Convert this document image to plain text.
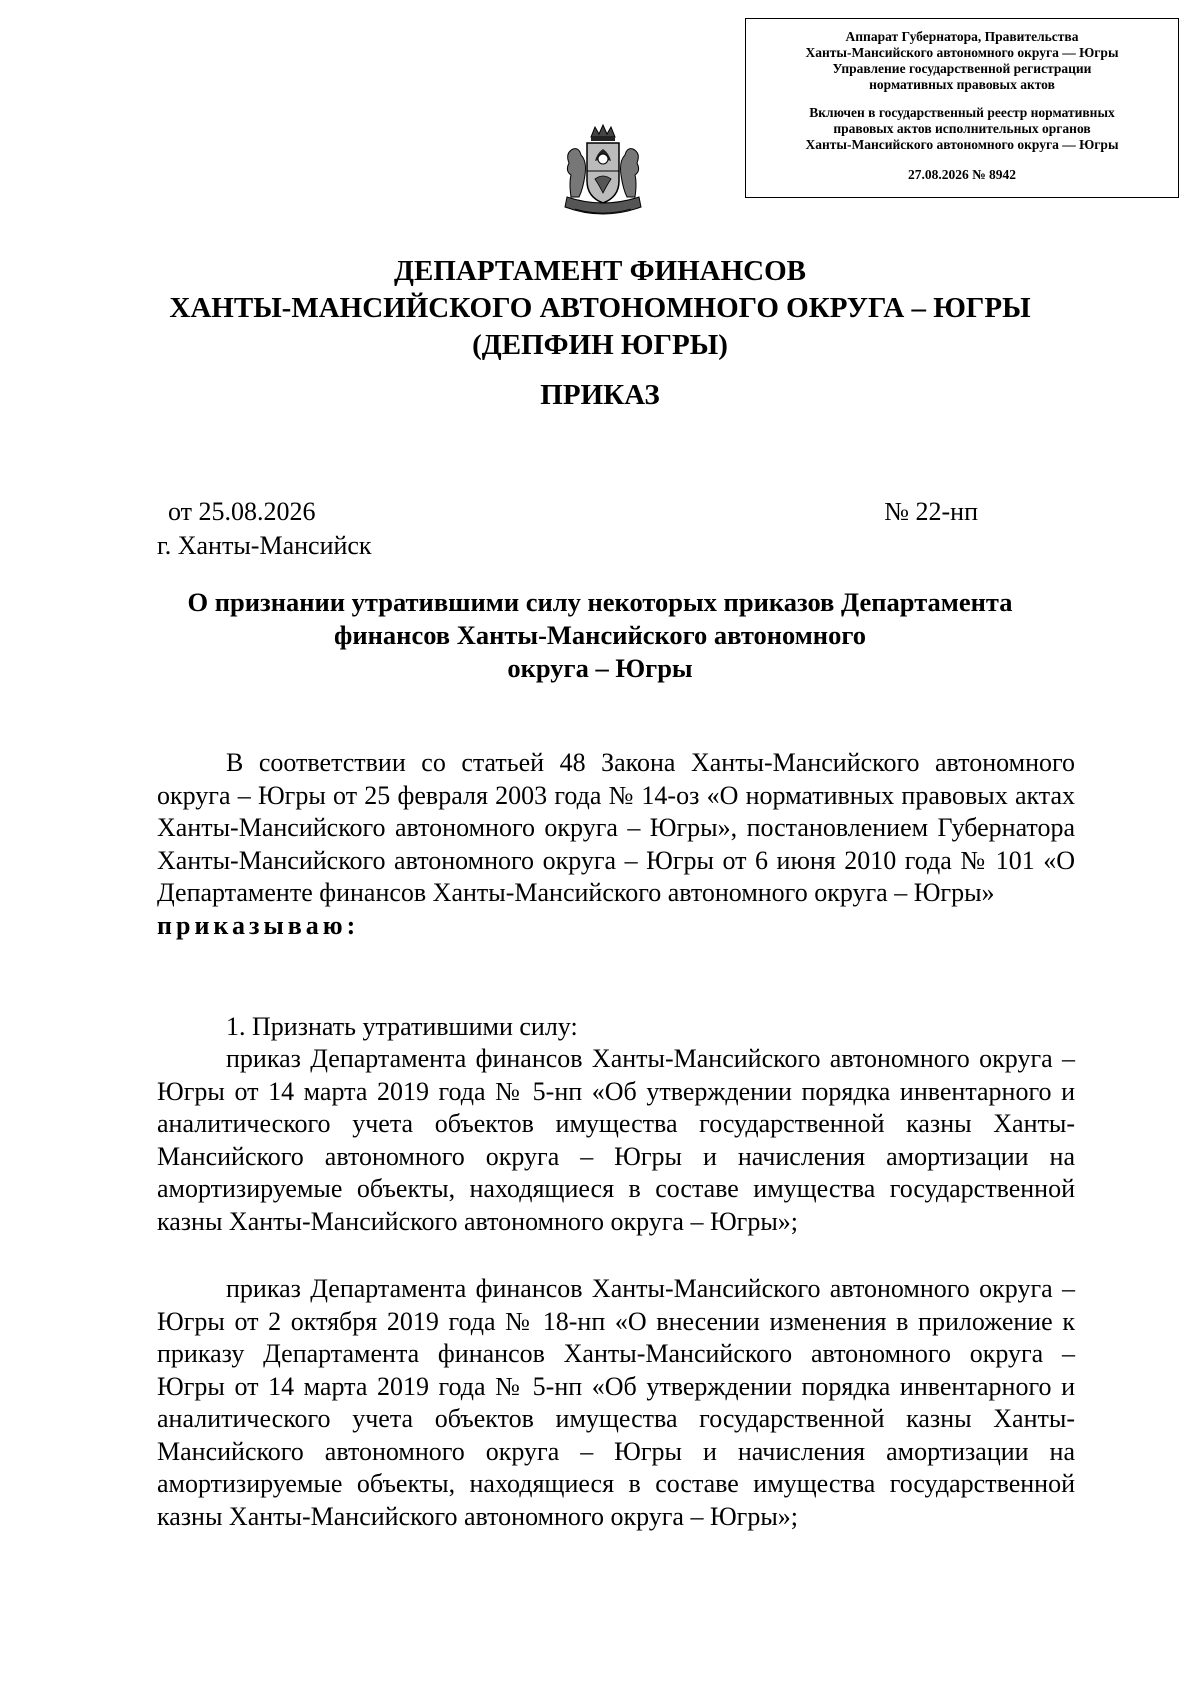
Аппарат Губернатора, Правительства
Ханты-Мансийского автономного округа — Югры
Управление государственной регистрации
нормативных правовых актов
Включен в государственный реестр нормативных
правовых актов исполнительных органов
Ханты-Мансийского автономного округа — Югры
27.08.2026 № 8942
ДЕПАРТАМЕНТ ФИНАНСОВ
ХАНТЫ-МАНСИЙСКОГО АВТОНОМНОГО ОКРУГА – ЮГРЫ
(ДЕПФИН ЮГРЫ)
ПРИКАЗ
от 25.08.2026
г. Ханты-Мансийск
№ 22-нп
О признании утратившими силу некоторых приказов Департамента
финансов Ханты-Мансийского автономного
округа – Югры

В соответствии со статьей 48 Закона Ханты-Мансийского автономного округа – Югры от 25 февраля 2003 года № 14-оз «О нормативных правовых актах Ханты-Мансийского автономного округа – Югры», постановлением Губернатора Ханты-Мансийского автономного округа – Югры от 6 июня 2010 года № 101 «О Департаменте финансов Ханты-Мансийского автономного округа – Югры»
приказываю:

1. Признать утратившими силу:

приказ Департамента финансов Ханты-Мансийского автономного округа – Югры от 14 марта 2019 года № 5-нп «Об утверждении порядка инвентарного и аналитического учета объектов имущества государственной казны Ханты-Мансийского автономного округа – Югры и начисления амортизации на амортизируемые объекты, находящиеся в составе имущества государственной казны Ханты-Мансийского автономного округа – Югры»;

приказ Департамента финансов Ханты-Мансийского автономного округа – Югры от 2 октября 2019 года № 18-нп «О внесении изменения в приложение к приказу Департамента финансов Ханты-Мансийского автономного округа – Югры от 14 марта 2019 года № 5-нп «Об утверждении порядка инвентарного и аналитического учета объектов имущества государственной казны Ханты-Мансийского автономного округа – Югры и начисления амортизации на амортизируемые объекты, находящиеся в составе имущества государственной казны Ханты-Мансийского автономного округа – Югры»;
